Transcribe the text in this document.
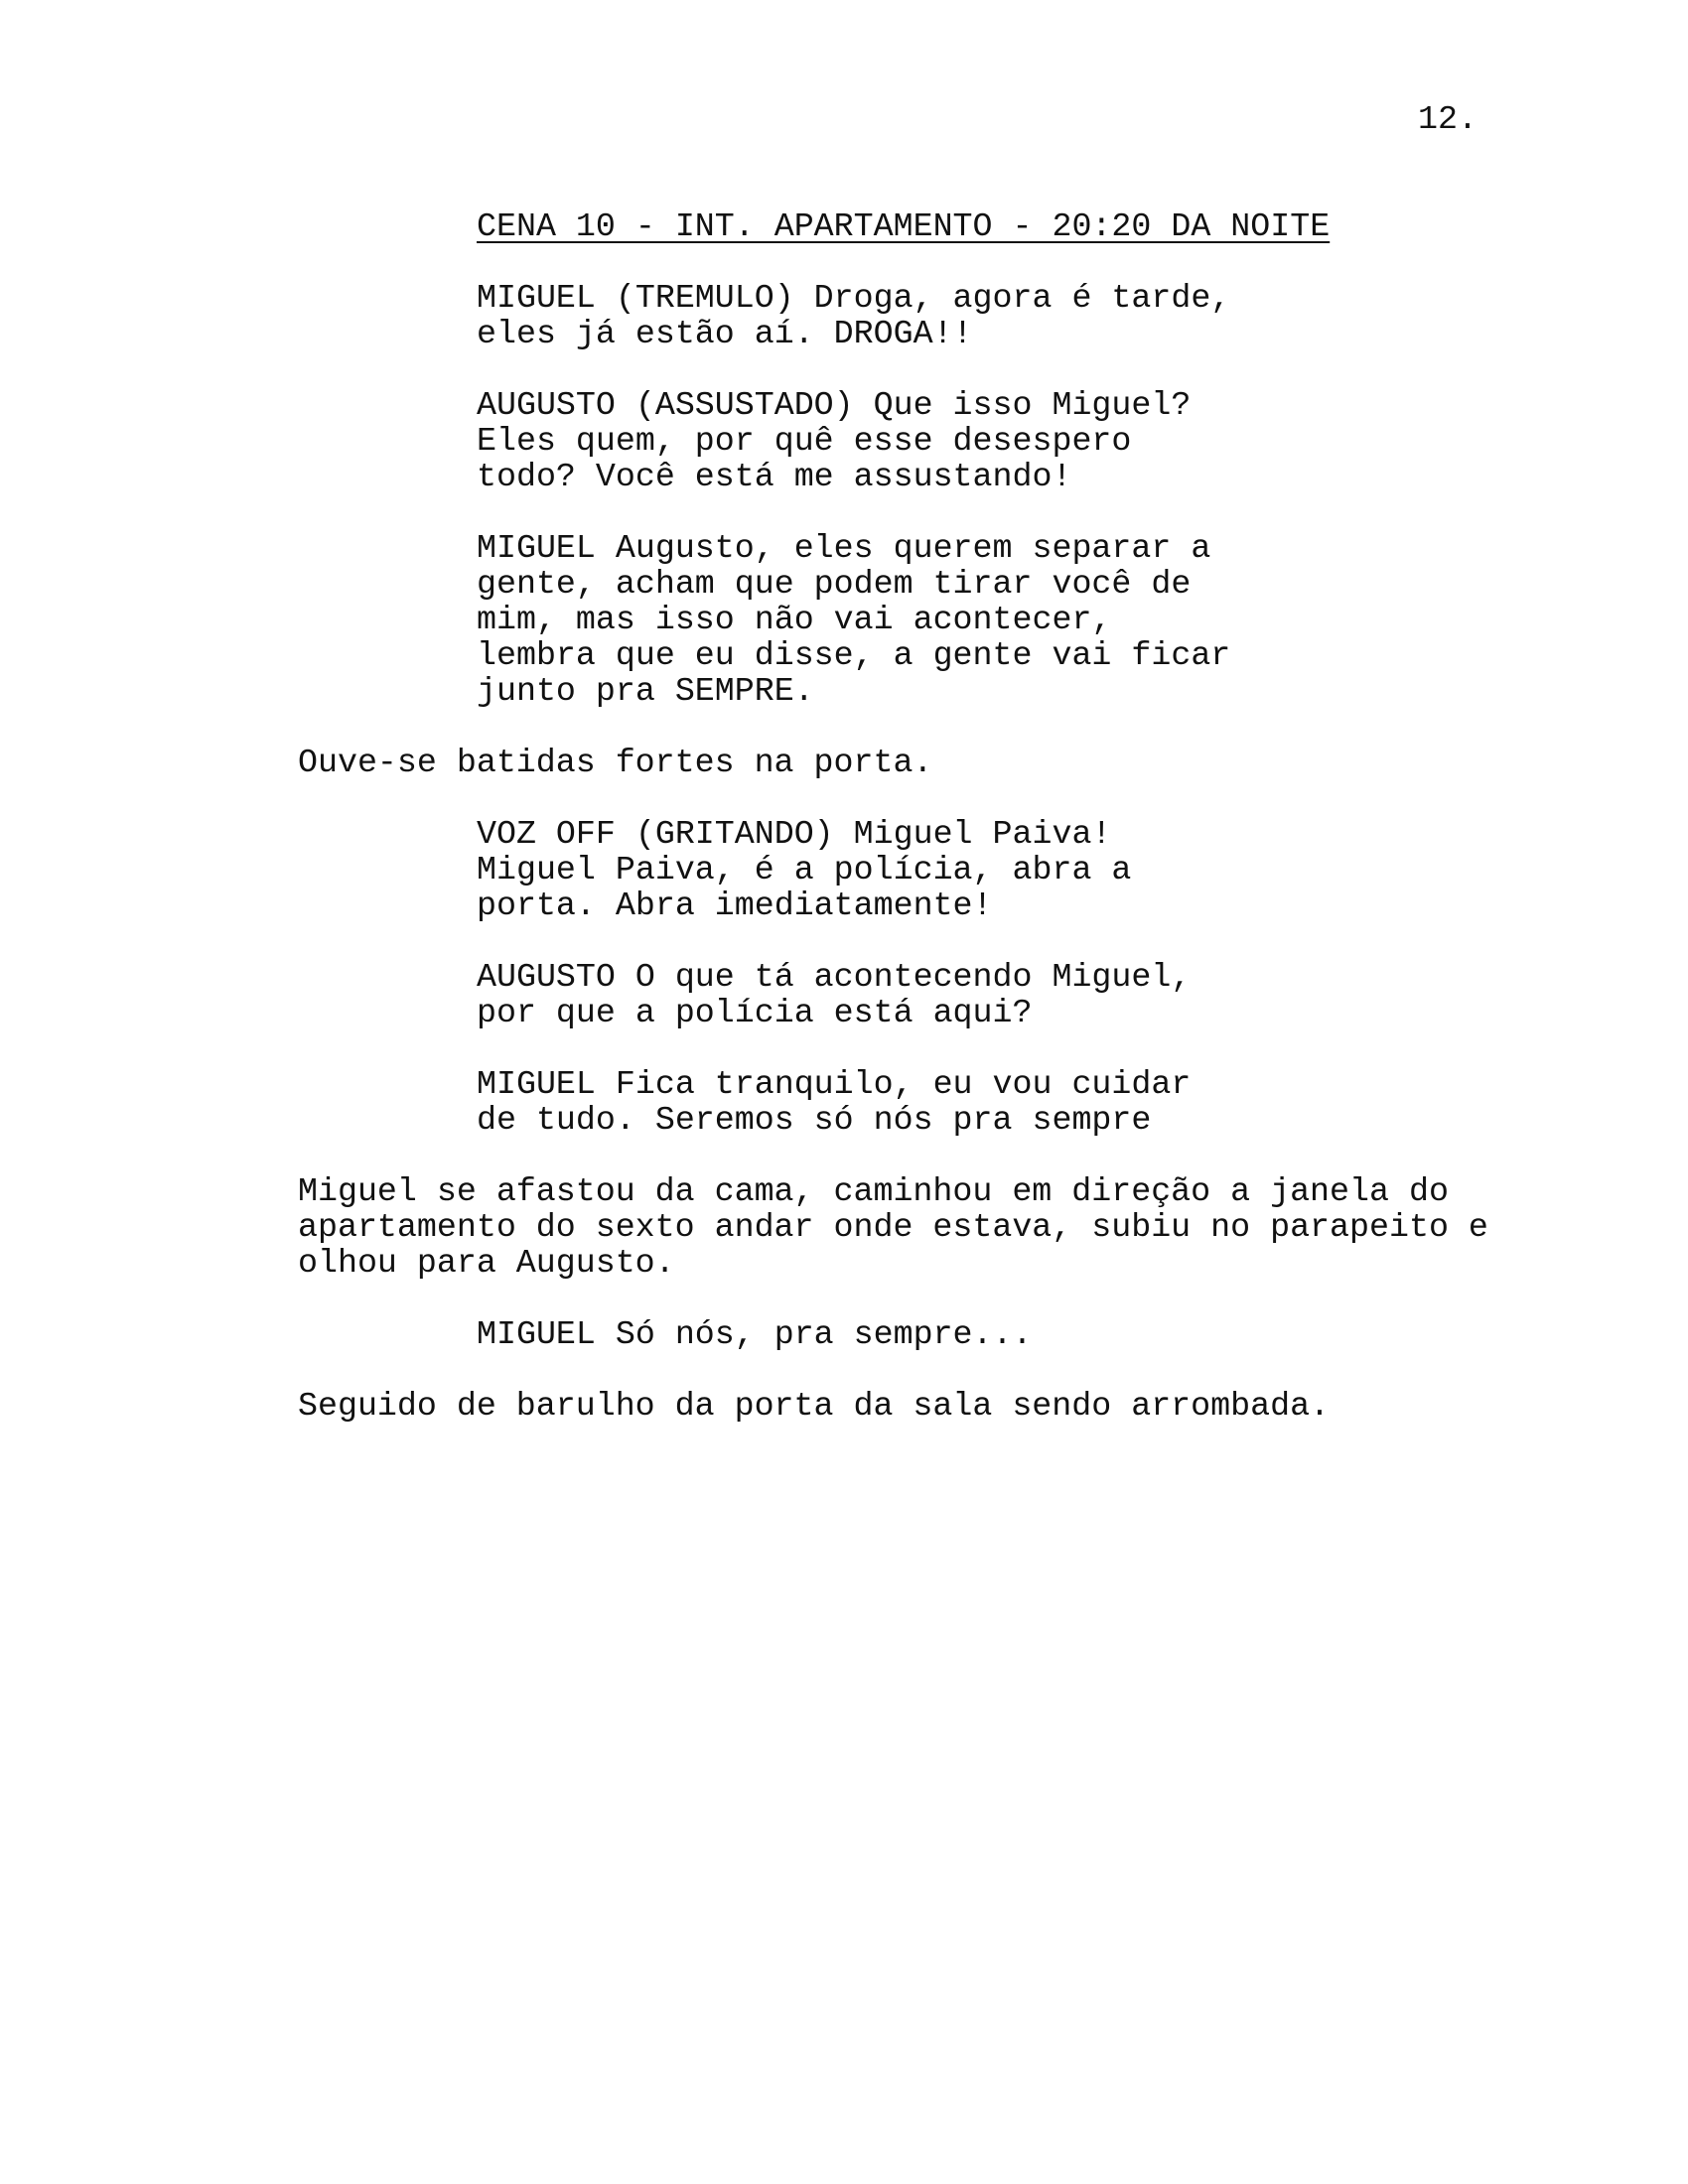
12.
CENA 10 - INT. APARTAMENTO - 20:20 DA NOITE

MIGUEL (TREMULO) Droga, agora é tarde,
eles já estão aí. DROGA!!

AUGUSTO (ASSUSTADO) Que isso Miguel?
Eles quem, por quê esse desespero
todo? Você está me assustando!

MIGUEL Augusto, eles querem separar a
gente, acham que podem tirar você de
mim, mas isso não vai acontecer,
lembra que eu disse, a gente vai ficar
junto pra SEMPRE.

Ouve-se batidas fortes na porta.

VOZ OFF (GRITANDO) Miguel Paiva!
Miguel Paiva, é a polícia, abra a
porta. Abra imediatamente!

AUGUSTO O que tá acontecendo Miguel,
por que a polícia está aqui?

MIGUEL Fica tranquilo, eu vou cuidar
de tudo. Seremos só nós pra sempre

Miguel se afastou da cama, caminhou em direção a janela do
apartamento do sexto andar onde estava, subiu no parapeito e
olhou para Augusto.

MIGUEL Só nós, pra sempre...

Seguido de barulho da porta da sala sendo arrombada.
